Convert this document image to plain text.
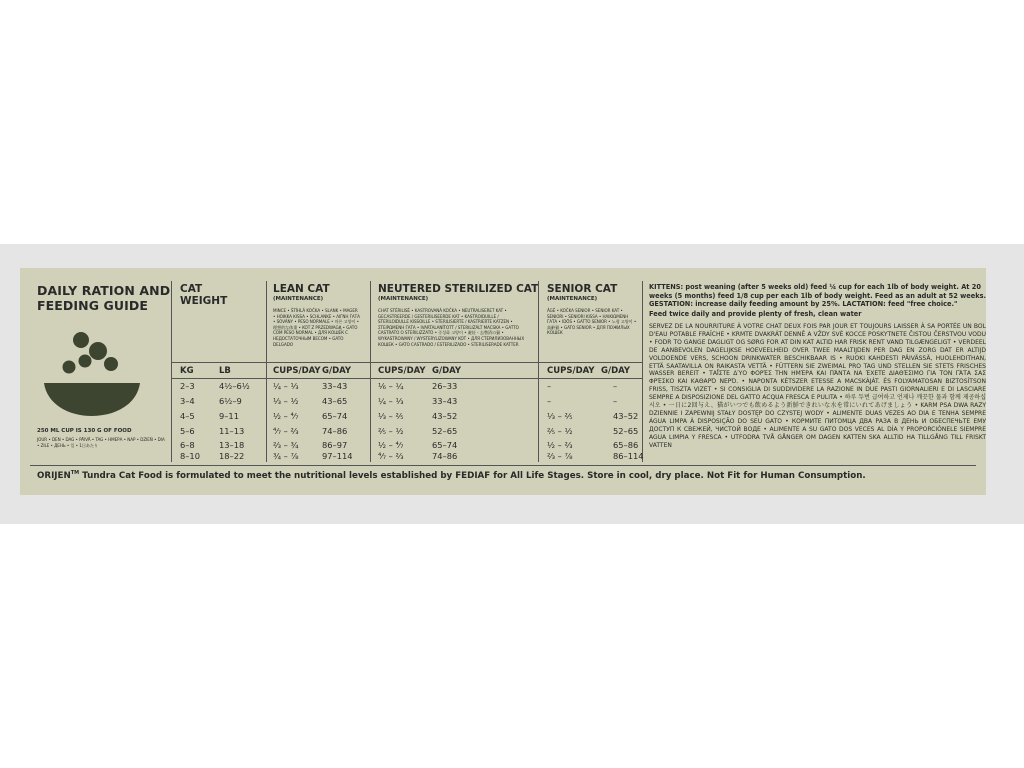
DAILY RATION AND FEEDING GUIDE
250 ML CUP IS 130 G OF FOOD
JOUR • DEN • DAG • PÄIVÄ • TAG • ΗΜΕΡΑ • NAP • DZIEŃ • DIA • ZILE • ДЕНЬ • 일 • 1日あたり
CAT WEIGHT
LEAN CAT
(MAINTENANCE)
MINCE • ŠTÍHLÁ KOČKA • SLANK • MAGER • HOIKKA KISSA • SCHLANKE • ΛΙΓΝΗ ΓΑΤΑ • SOVÁNY • PESO NORMALE • 마른 고양이 • 理想的な体重 • KOT Z PRZEDWAGĄ • GATO COM PESO NORMAL • ДЛЯ КОШЕК С НЕДОСТАТОЧНЫМ ВЕСОМ • GATO DELGADO
NEUTERED STERILIZED CAT
(MAINTENANCE)
CHAT STÉRILISÉ • KASTROVANÁ KOČKA • NEUTRALISERET KAT • GECASTREERDE / GESTERILISEERDE KAT • KASTROIDUILLE / STERILOIDULLE KISSOILLE • STERILISIERTE / KASTRIERTE KATZEN • ΣΤΕΙΡΩΜΕΝΗ ΓΑΤΑ • IVARTALANÍTOTT / STERILIZÁLT MACSKA • GATTO CASTRATO O STERILIZZATO • 중성화 고양이 • 避妊・去勢済の猫 • WYKASTROWANY / WYSTERYLIZOWANY KOT • ДЛЯ СТЕРИЛИЗОВАННЫХ КОШЕК • GATO CASTRADO / ESTERILIZADO • STERILISERADE KATTER
SENIOR CAT
(MAINTENANCE)
ÂGÉ • KOČKA SENIOR • SENIOR KAT • SENIORI • SENIORI KISSA • ΗΛΙΚΙΩΜΕΝΗ ΓΑΤΑ • IDŐS • GATTO SENIOR • 노령 고양이 • 高齢猫 • GATO SENIOR • ДЛЯ ПОЖИЛЫХ КОШЕК
KG	LB	CUPS/DAY G/DAY	CUPS/DAY G/DAY	CUPS/DAY G/DAY
2–3	4½–6½	¼ – ⅓	33–43	⅙ – ¼	26–33	–	–
3–4	6½–9	⅓ – ½	43–65	¼ – ⅓	33–43	–	–
4–5	9–11	½ – ⁴⁄₇	65–74	⅓ – ⅖	43–52	⅓ – ⅖	43–52
5–6	11–13	⁴⁄₇ – ⅔	74–86	⅖ – ½	52–65	⅖ – ½	52–65
6–8	13–18	⅔ – ¾	86–97	½ – ⁴⁄₇	65–74	½ – ⅔	65–86
8–10 18–22	¾ – ⅞	97–114	⁴⁄₇ – ⅔	74–86	⅔ – ⅞	86–114
KITTENS: post weaning (after 5 weeks old) feed ¼ cup for each 1lb of body weight. At 20 weeks (5 months) feed 1/8 cup per each 1lb of body weight. Feed as an adult at 52 weeks.
GESTATION: increase daily feeding amount by 25%. LACTATION: feed "free choice."
Feed twice daily and provide plenty of fresh, clean water
SERVEZ DE LA NOURRITURE À VOTRE CHAT DEUX FOIS PAR JOUR ET TOUJOURS LAISSER À SA PORTÉE UN BOL D'EAU POTABLE FRAÎCHE • KRMTE DVAKRÁT DENNĚ A VŽDY SVÉ KOCCE POSKYTNETE ČISTOU ČERSTVOU VODU • FODR TO GANGE DAGLIGT OG SØRG FOR AT DIN KAT ALTID HAR FRISK RENT VAND TILGÆNGELIGT • VERDEEL DE AANBEVOLEN DAGELIJKSE HOEVEELHEID OVER TWEE MAALTIJDEN PER DAG EN ZORG DAT ER ALTIJD VOLDOENDE VERS, SCHOON DRINKWATER BESCHIKBAAR IS • RUOKI KAHDESTI PÄIVÄSSÄ, HUOLEHDITHAN, ETTÄ SAATAVILLA ON RAIKASTA VETTÄ • FÜTTERN SIE ZWEIMAL PRO TAG UND STELLEN SIE STETS FRISCHES WASSER BEREIT • ΤΑΪ́ΣΤΕ ΔΎΟ ΦΟΡΈΣ ΤΗΝ ΗΜΈΡΑ ΚΑΙ ΠΆΝΤΑ ΝΑ ΈΧΕΤΕ ΔΙΑΘΈΣΙΜΟ ΓΙΑ ΤΟΝ ΓΆΤΑ ΣΑΣ ΦΡΈΣΚΟ ΚΑΙ ΚΑΘΑΡΌ ΝΕΡΌ. • NAPONTA KÉTSZER ETESSE A MACSKÁJÁT. ÉS FOLYAMATOSAN BIZTOSÍTSON FRISS, TISZTA VIZET • SI CONSIGLIA DI SUDDIVIDERE LA RAZIONE IN DUE PASTI GIORNALIERI E DI LASCIARE SEMPRE A DISPOSIZIONE DEL GATTO ACQUA FRESCA E PULITA • 하루 두번 급여하고 언제나 깨끗한 물과 함께 제공하십시오 • 一日に2回与え、猫がいつでも飲めるよう新鮮できれいな水を常にいれてあげましょう • KARM PSA DWA RAZY DZIENNIE I ZAPEWNIJ STAŁY DOSTĘP DO CZYSTEJ WODY • ALIMENTE DUAS VEZES AO DIA E TENHA SEMPRE ÁGUA LIMPA À DISPOSIÇÃO DO SEU GATO • КОРМИТЕ ПИТОМЦА ДВА РАЗА В ДЕНЬ И ОБЕСПЕЧЬТЕ ЕМУ ДОСТУП К СВЕЖЕЙ, ЧИСТОЙ ВОДЕ • ALIMENTE A SU GATO DOS VECES AL DÍA Y PROPORCIÓNELE SIEMPRE AGUA LIMPIA Y FRESCA • UTFODRA TVÅ GÅNGER OM DAGEN KATTEN SKA ALLTID HA TILLGÅNG TILL FRISKT VATTEN
ORIJEN™ Tundra Cat Food is formulated to meet the nutritional levels established by FEDIAF for All Life Stages. Store in cool, dry place. Not Fit for Human Consumption.
